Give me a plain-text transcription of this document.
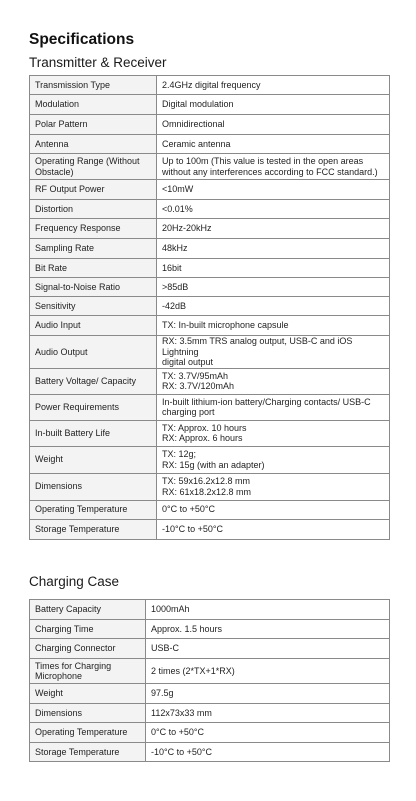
Specifications
Transmitter & Receiver
Transmission Type	2.4GHz digital frequency

Modulation	Digital modulation

Polar Pattern	Omnidirectional

Antenna	Ceramic antenna

Operating Range (Without
Obstacle)	Up to 100m (This value is tested in the open areas
without any interferences according to FCC standard.)

RF Output Power	<10mW

Distortion	<0.01%

Frequency Response	20Hz-20kHz

Sampling Rate	48kHz

Bit Rate	16bit

Signal-to-Noise Ratio	>85dB

Sensitivity	-42dB

Audio Input	TX: In-built microphone capsule

Audio Output	RX: 3.5mm TRS analog output, USB-C and iOS Lightning
digital output

Battery Voltage/ Capacity	TX: 3.7V/95mAh
RX: 3.7V/120mAh

Power Requirements	In-built lithium-ion battery/Charging contacts/ USB-C
charging port

In-built Battery Life	TX: Approx. 10 hours
RX: Approx. 6 hours

Weight	TX: 12g;
RX: 15g (with an adapter)

Dimensions	TX: 59x16.2x12.8 mm
RX: 61x18.2x12.8 mm

Operating Temperature	0°C to +50°C

Storage Temperature	-10°C to +50°C
Charging Case
Battery Capacity	1000mAh

Charging Time	Approx. 1.5 hours

Charging Connector	USB-C

Times for Charging
Microphone	2 times (2*TX+1*RX)

Weight	97.5g

Dimensions	112x73x33 mm

Operating Temperature	0°C to +50°C

Storage Temperature	-10°C to +50°C
